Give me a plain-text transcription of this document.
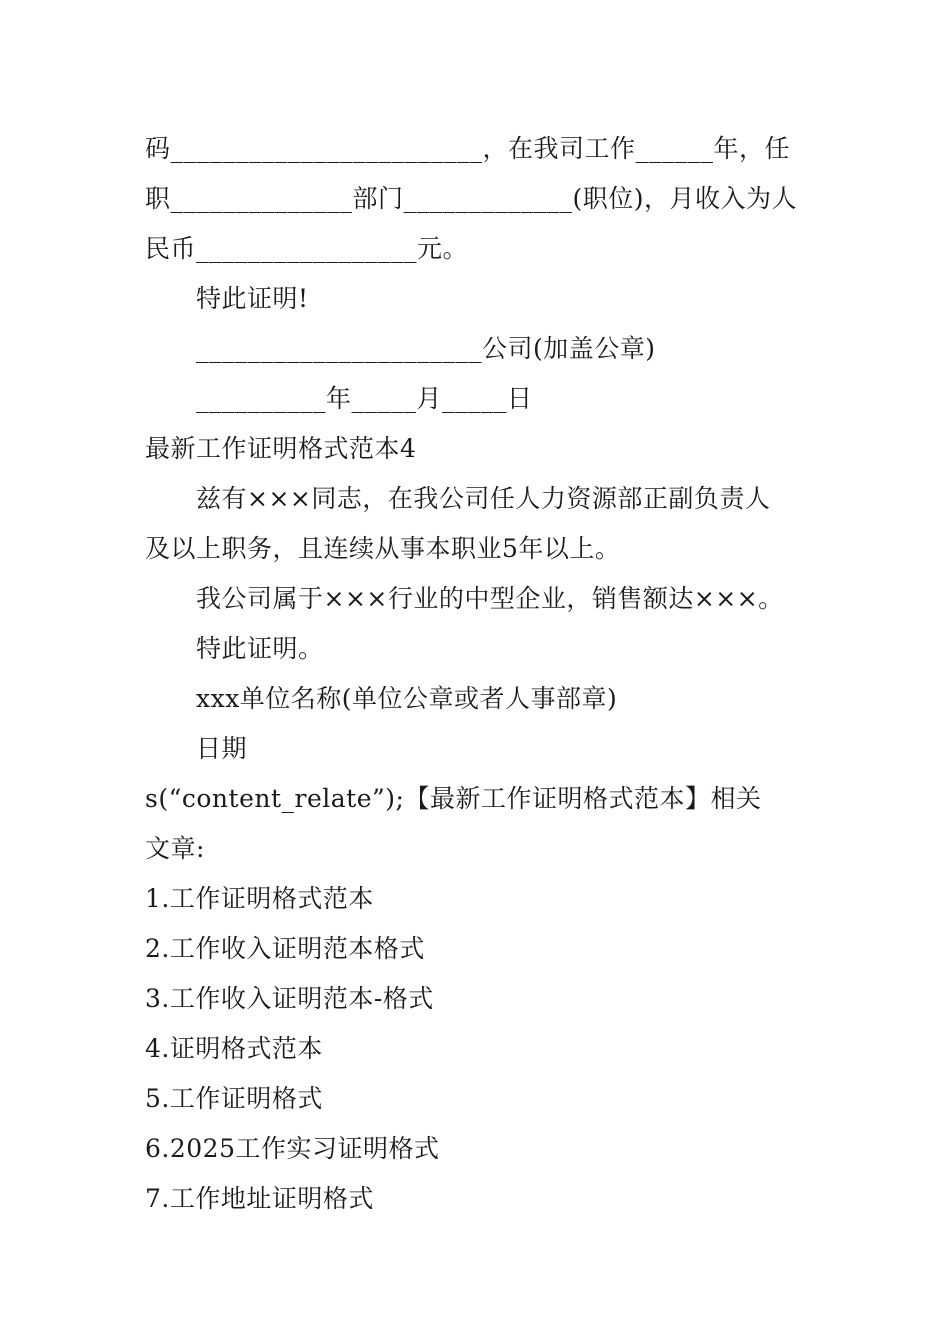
码________________________，在我司工作______年，任
职______________部门_____________(职位)，月收入为人
民币_________________元。
特此证明!
______________________公司(加盖公章)
__________年_____月_____日
最新工作证明格式范本4
兹有×××同志，在我公司任人力资源部正副负责人
及以上职务，且连续从事本职业5年以上。
我公司属于×××行业的中型企业，销售额达×××。
特此证明。
xxx单位名称(单位公章或者人事部章)
日期
s(“content_relate”);【最新工作证明格式范本】相关
文章:
1.工作证明格式范本
2.工作收入证明范本格式
3.工作收入证明范本-格式
4.证明格式范本
5.工作证明格式
6.2025工作实习证明格式
7.工作地址证明格式
